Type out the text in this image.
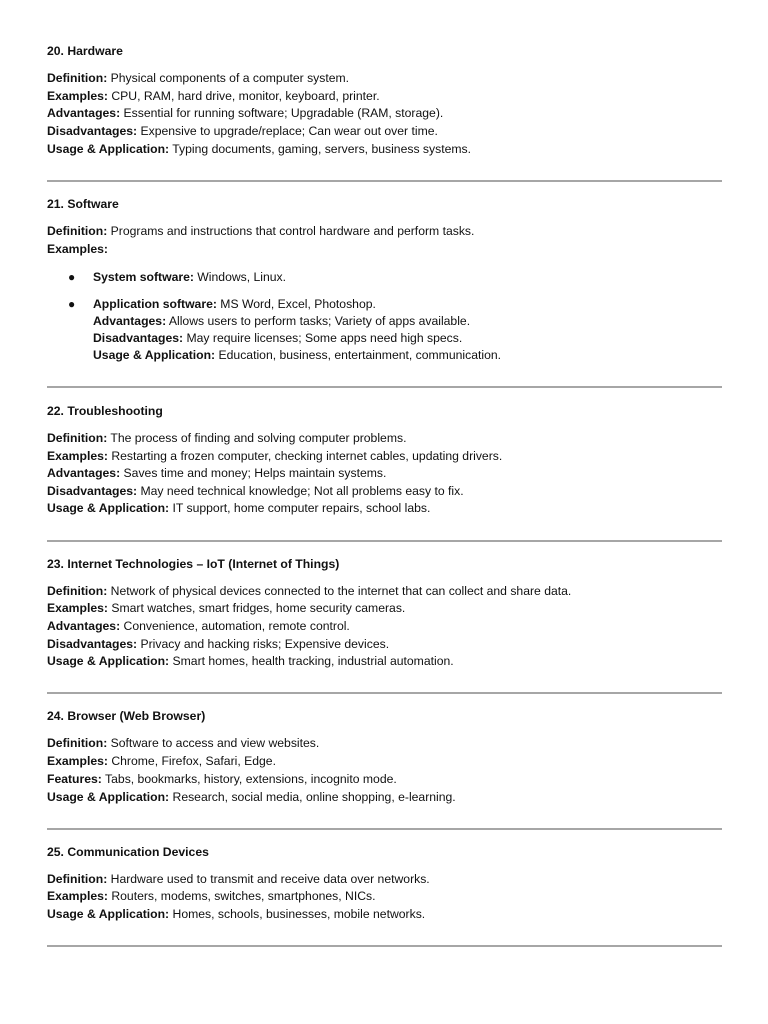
20. Hardware
Definition: Physical components of a computer system.
Examples: CPU, RAM, hard drive, monitor, keyboard, printer.
Advantages: Essential for running software; Upgradable (RAM, storage).
Disadvantages: Expensive to upgrade/replace; Can wear out over time.
Usage & Application: Typing documents, gaming, servers, business systems.
21. Software
Definition: Programs and instructions that control hardware and perform tasks.
Examples:
● System software: Windows, Linux.
● Application software: MS Word, Excel, Photoshop.
Advantages: Allows users to perform tasks; Variety of apps available.
Disadvantages: May require licenses; Some apps need high specs.
Usage & Application: Education, business, entertainment, communication.
22. Troubleshooting
Definition: The process of finding and solving computer problems.
Examples: Restarting a frozen computer, checking internet cables, updating drivers.
Advantages: Saves time and money; Helps maintain systems.
Disadvantages: May need technical knowledge; Not all problems easy to fix.
Usage & Application: IT support, home computer repairs, school labs.
23. Internet Technologies – IoT (Internet of Things)
Definition: Network of physical devices connected to the internet that can collect and share data.
Examples: Smart watches, smart fridges, home security cameras.
Advantages: Convenience, automation, remote control.
Disadvantages: Privacy and hacking risks; Expensive devices.
Usage & Application: Smart homes, health tracking, industrial automation.
24. Browser (Web Browser)
Definition: Software to access and view websites.
Examples: Chrome, Firefox, Safari, Edge.
Features: Tabs, bookmarks, history, extensions, incognito mode.
Usage & Application: Research, social media, online shopping, e-learning.
25. Communication Devices
Definition: Hardware used to transmit and receive data over networks.
Examples: Routers, modems, switches, smartphones, NICs.
Usage & Application: Homes, schools, businesses, mobile networks.
